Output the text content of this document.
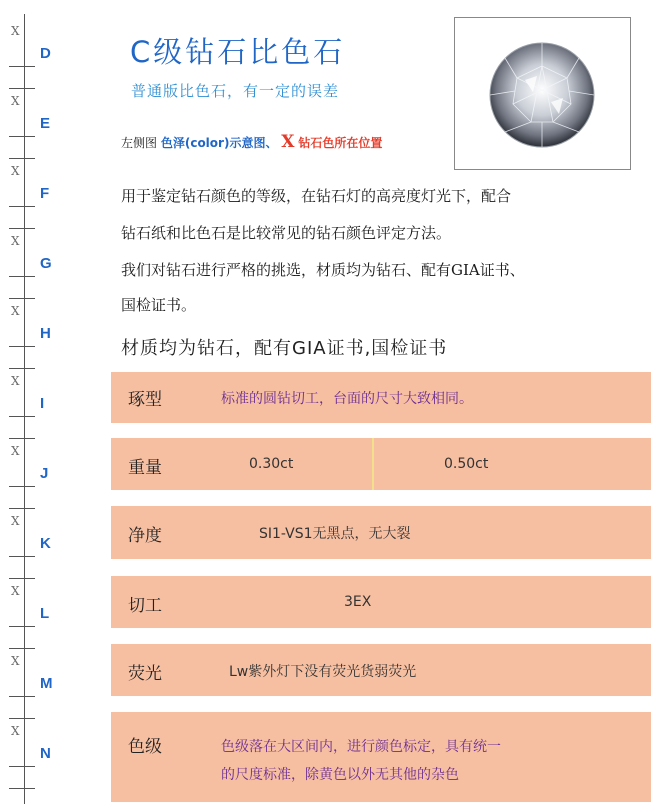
X
D
X
E
X
F
X
G
X
H
X
I
X
J
X
K
X
L
X
M
X
N
C级钻石比色石
普通版比色石，有一定的误差
左侧图 色泽(color)示意图、 X 钻石色所在位置
用于鉴定钻石颜色的等级，在钻石灯的高亮度灯光下，配合
钻石纸和比色石是比较常见的钻石颜色评定方法。
我们对钻石进行严格的挑选，材质均为钻石、配有GIA证书、
国检证书。
材质均为钻石，配有GIA证书,国检证书
琢型	标准的圆钻切工，台面的尺寸大致相同。
重量	0.30ct	0.50ct
净度	SI1-VS1无黑点，无大裂
切工	3EX
荧光	Lw紫外灯下没有荧光货弱荧光
色级	色级落在大区间内，进行颜色标定，具有统一
的尺度标准，除黄色以外无其他的杂色
